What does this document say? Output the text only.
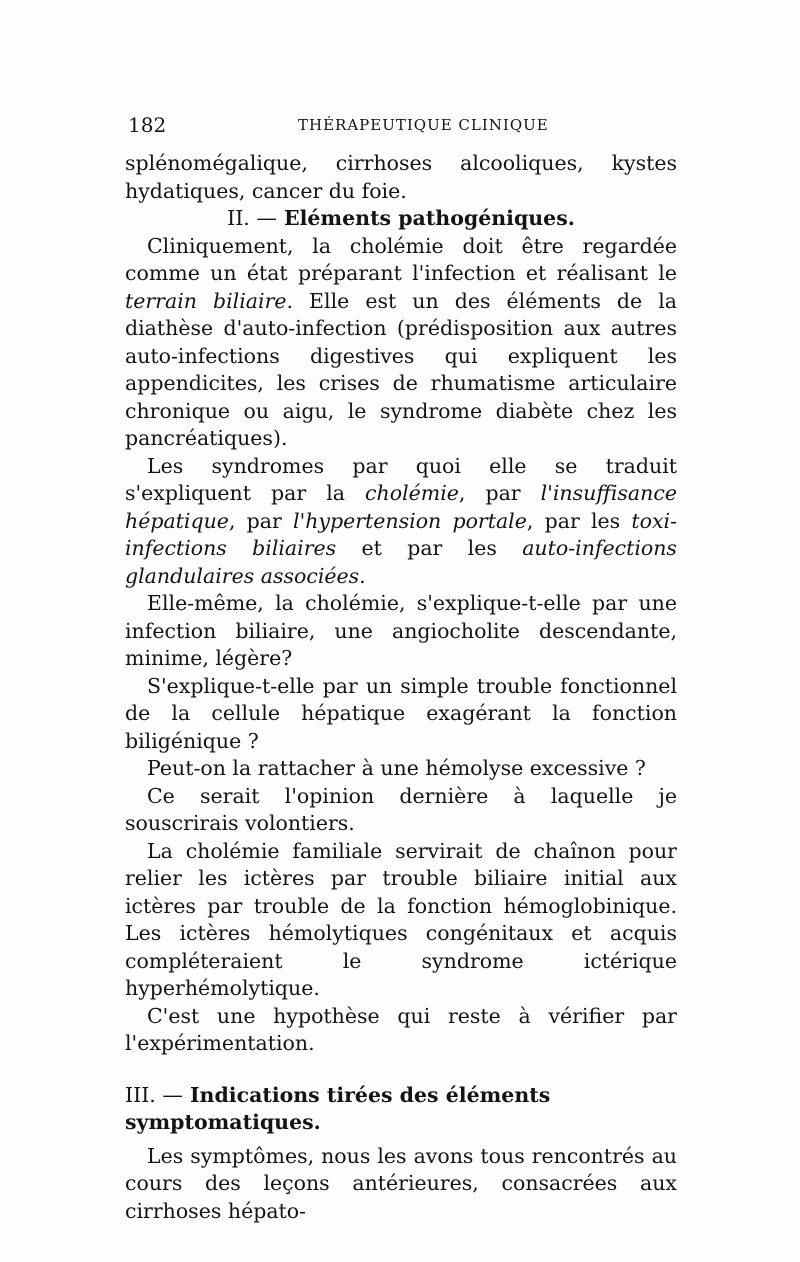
182	THÉRAPEUTIQUE CLINIQUE

splénomégalique, cirrhoses alcooliques, kystes hydatiques, cancer du foie.

II. — Eléments pathogéniques.

Cliniquement, la cholémie doit être regardée comme un état préparant l'infection et réalisant le terrain biliaire. Elle est un des éléments de la diathèse d'auto-infection (prédisposition aux autres auto-infections digestives qui expliquent les appendicites, les crises de rhumatisme articulaire chronique ou aigu, le syndrome diabète chez les pancréatiques).

Les syndromes par quoi elle se traduit s'expliquent par la cholémie, par l'insuffisance hépatique, par l'hypertension portale, par les toxi-infections biliaires et par les auto-infections glandulaires associées.

Elle-même, la cholémie, s'explique-t-elle par une infection biliaire, une angiocholite descendante, minime, légère?

S'explique-t-elle par un simple trouble fonctionnel de la cellule hépatique exagérant la fonction biligénique ?

Peut-on la rattacher à une hémolyse excessive ?

Ce serait l'opinion dernière à laquelle je souscrirais volontiers.

La cholémie familiale servirait de chaînon pour relier les ictères par trouble biliaire initial aux ictères par trouble de la fonction hémoglobinique. Les ictères hémolytiques congénitaux et acquis compléteraient le syndrome ictérique hyperhémolytique.

C'est une hypothèse qui reste à vérifier par l'expérimentation.

III. — Indications tirées des éléments symptomatiques.

Les symptômes, nous les avons tous rencontrés au cours des leçons antérieures, consacrées aux cirrhoses hépato-
